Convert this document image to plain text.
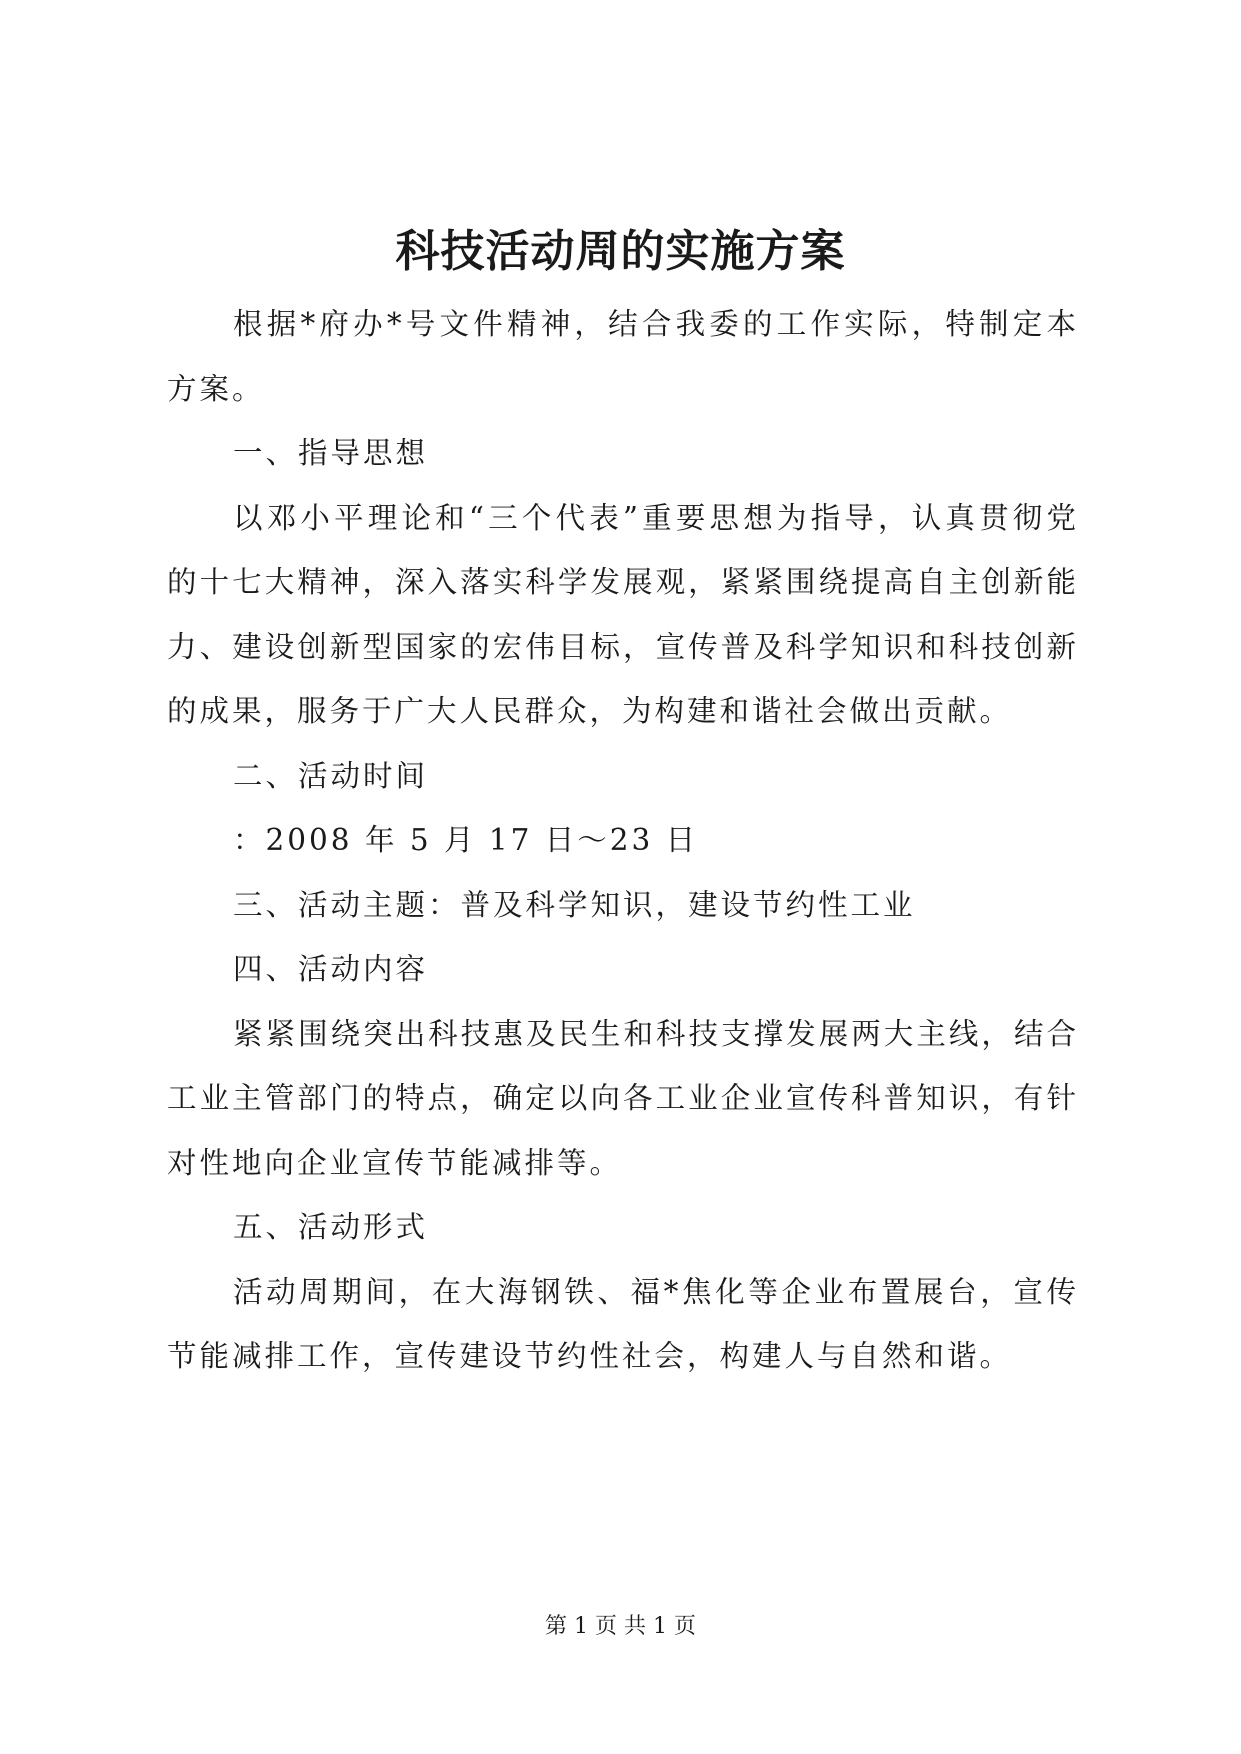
科技活动周的实施方案

根据*府办*号文件精神，结合我委的工作实际，特制定本方案。

一、指导思想

以邓小平理论和“三个代表”重要思想为指导，认真贯彻党的十七大精神，深入落实科学发展观，紧紧围绕提高自主创新能力、建设创新型国家的宏伟目标，宣传普及科学知识和科技创新的成果，服务于广大人民群众，为构建和谐社会做出贡献。

二、活动时间

：2008 年 5 月 17 日～23 日

三、活动主题：普及科学知识，建设节约性工业

四、活动内容

紧紧围绕突出科技惠及民生和科技支撑发展两大主线，结合工业主管部门的特点，确定以向各工业企业宣传科普知识，有针对性地向企业宣传节能减排等。

五、活动形式

活动周期间，在大海钢铁、福*焦化等企业布置展台，宣传节能减排工作，宣传建设节约性社会，构建人与自然和谐。

第 1 页 共 1 页
